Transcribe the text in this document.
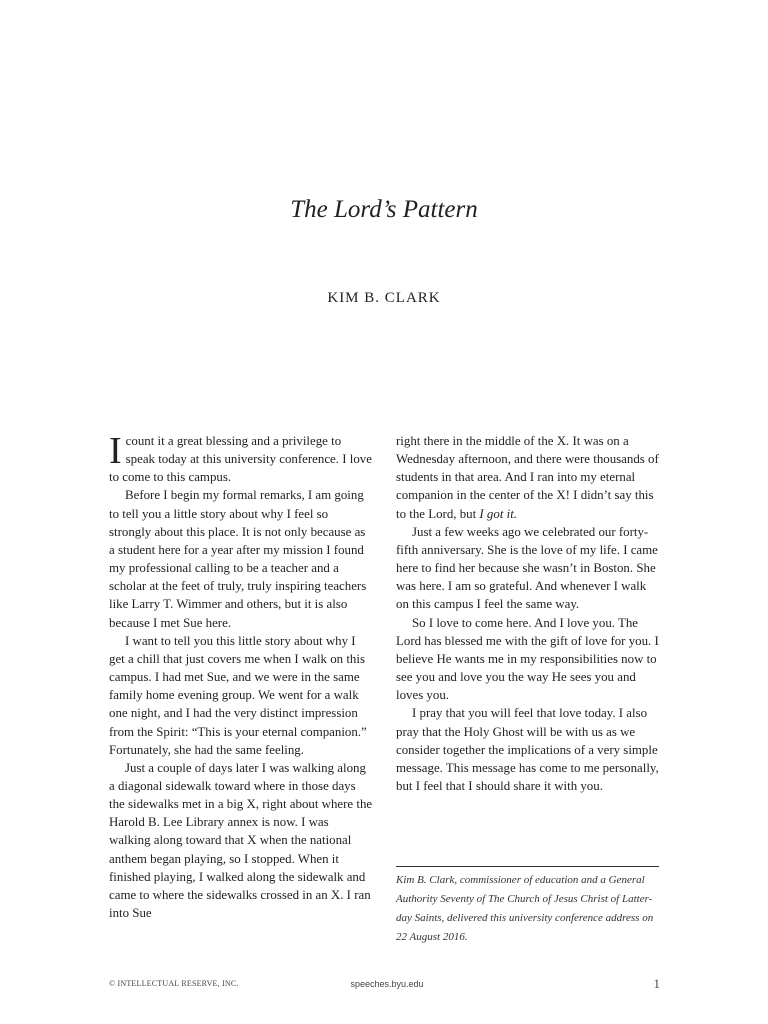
The Lord’s Pattern
KIM B. CLARK

Icount it a great blessing and a privilege to speak today at this university conference. I love to come to this campus.

Before I begin my formal remarks, I am going to tell you a little story about why I feel so strongly about this place. It is not only because as a student here for a year after my mission I found my professional calling to be a teacher and a scholar at the feet of truly, truly inspiring teachers like Larry T. Wimmer and others, but it is also because I met Sue here.

I want to tell you this little story about why I get a chill that just covers me when I walk on this campus. I had met Sue, and we were in the same family home evening group. We went for a walk one night, and I had the very distinct impression from the Spirit: “This is your eternal companion.” Fortunately, she had the same feeling.

Just a couple of days later I was walking along a diagonal sidewalk toward where in those days the sidewalks met in a big X, right about where the Harold B. Lee Library annex is now. I was walking along toward that X when the national anthem began playing, so I stopped. When it finished playing, I walked along the sidewalk and came to where the sidewalks crossed in an X. I ran into Sue

right there in the middle of the X. It was on a Wednesday afternoon, and there were thousands of students in that area. And I ran into my eternal companion in the center of the X! I didn’t say this to the Lord, but I got it.

Just a few weeks ago we celebrated our forty-fifth anniversary. She is the love of my life. I came here to find her because she wasn’t in Boston. She was here. I am so grateful. And whenever I walk on this campus I feel the same way.

So I love to come here. And I love you. The Lord has blessed me with the gift of love for you. I believe He wants me in my responsibilities now to see you and love you the way He sees you and loves you.

I pray that you will feel that love today. I also pray that the Holy Ghost will be with us as we consider together the implications of a very simple message. This message has come to me personally, but I feel that I should share it with you.

Kim B. Clark, commissioner of education and a General Authority Seventy of The Church of Jesus Christ of Latter-day Saints, delivered this university conference address on 22 August 2016.
© INTELLECTUAL RESERVE, INC.	speeches.byu.edu	1
